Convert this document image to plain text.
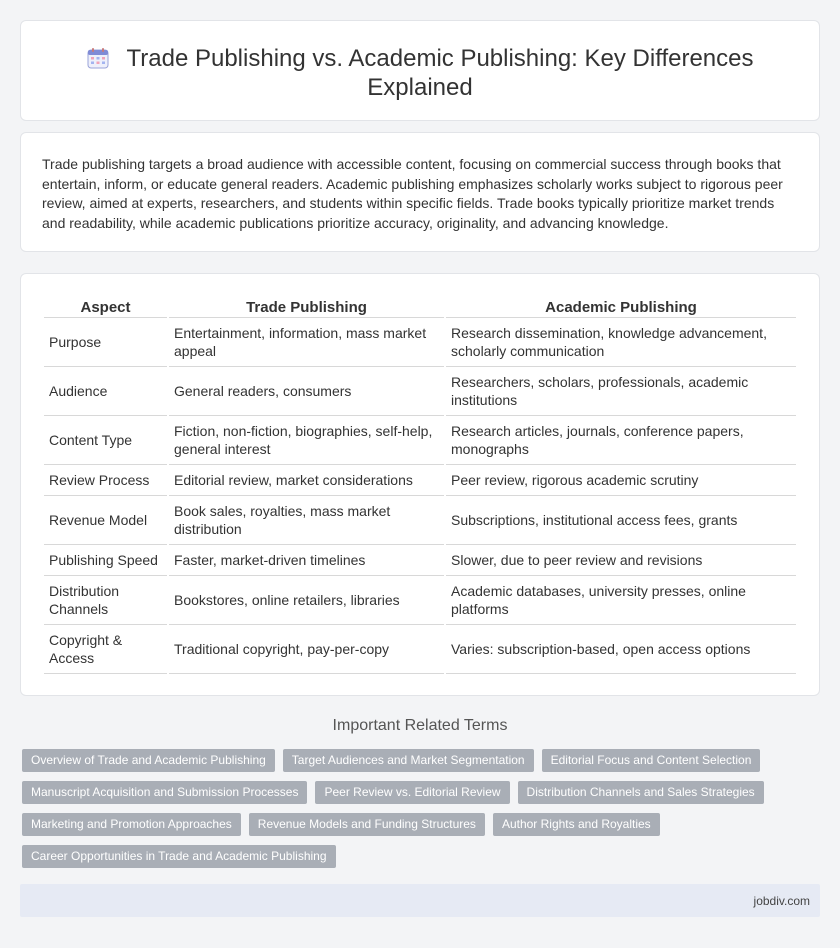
Trade Publishing vs. Academic Publishing: Key Differences Explained

Trade publishing targets a broad audience with accessible content, focusing on commercial success through books that entertain, inform, or educate general readers. Academic publishing emphasizes scholarly works subject to rigorous peer review, aimed at experts, researchers, and students within specific fields. Trade books typically prioritize market trends and readability, while academic publications prioritize accuracy, originality, and advancing knowledge.

Aspect	Trade Publishing	Academic Publishing
Purpose	Entertainment, information, mass market appeal	Research dissemination, knowledge advancement, scholarly communication
Audience	General readers, consumers	Researchers, scholars, professionals, academic institutions
Content Type	Fiction, non-fiction, biographies, self-help, general interest	Research articles, journals, conference papers, monographs
Review Process	Editorial review, market considerations	Peer review, rigorous academic scrutiny
Revenue Model	Book sales, royalties, mass market distribution	Subscriptions, institutional access fees, grants
Publishing Speed	Faster, market-driven timelines	Slower, due to peer review and revisions
Distribution Channels	Bookstores, online retailers, libraries	Academic databases, university presses, online platforms
Copyright & Access	Traditional copyright, pay-per-copy	Varies: subscription-based, open access options
Important Related Terms
Overview of Trade and Academic Publishing	Target Audiences and Market Segmentation	Editorial Focus and Content Selection
Manuscript Acquisition and Submission Processes	Peer Review vs. Editorial Review	Distribution Channels and Sales Strategies
Marketing and Promotion Approaches	Revenue Models and Funding Structures	Author Rights and Royalties
Career Opportunities in Trade and Academic Publishing
jobdiv.com
